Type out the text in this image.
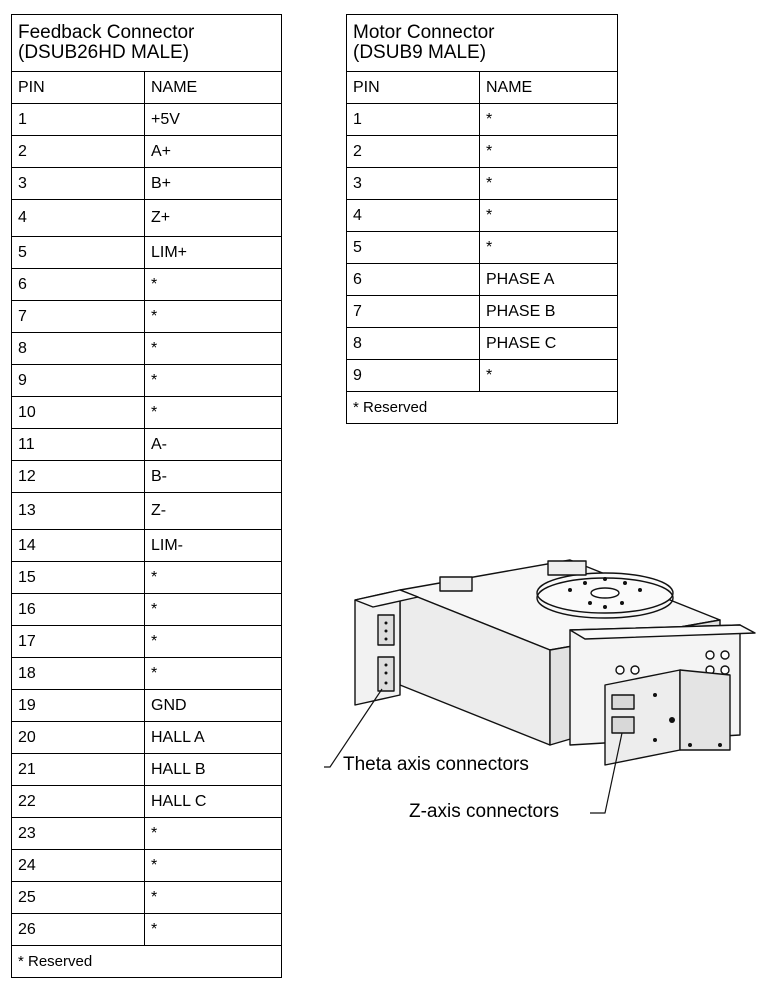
Feedback Connector
(DSUB26HD MALE)	
PIN	NAME
1	+5V
2	A+
3	B+
4	Z+
5	LIM+
6	*
7	*
8	*
9	*
10	*
11	A-
12	B-
13	Z-
14	LIM-
15	*
16	*
17	*
18	*
19	GND
20	HALL A
21	HALL B
22	HALL C
23	*
24	*
25	*
26	*
* Reserved	
Motor Connector
(DSUB9 MALE)	
PIN	NAME
1	*
2	*
3	*
4	*
5	*
6	PHASE A
7	PHASE B
8	PHASE C
9	*
* Reserved	
Theta axis connectors
Z-axis connectors
